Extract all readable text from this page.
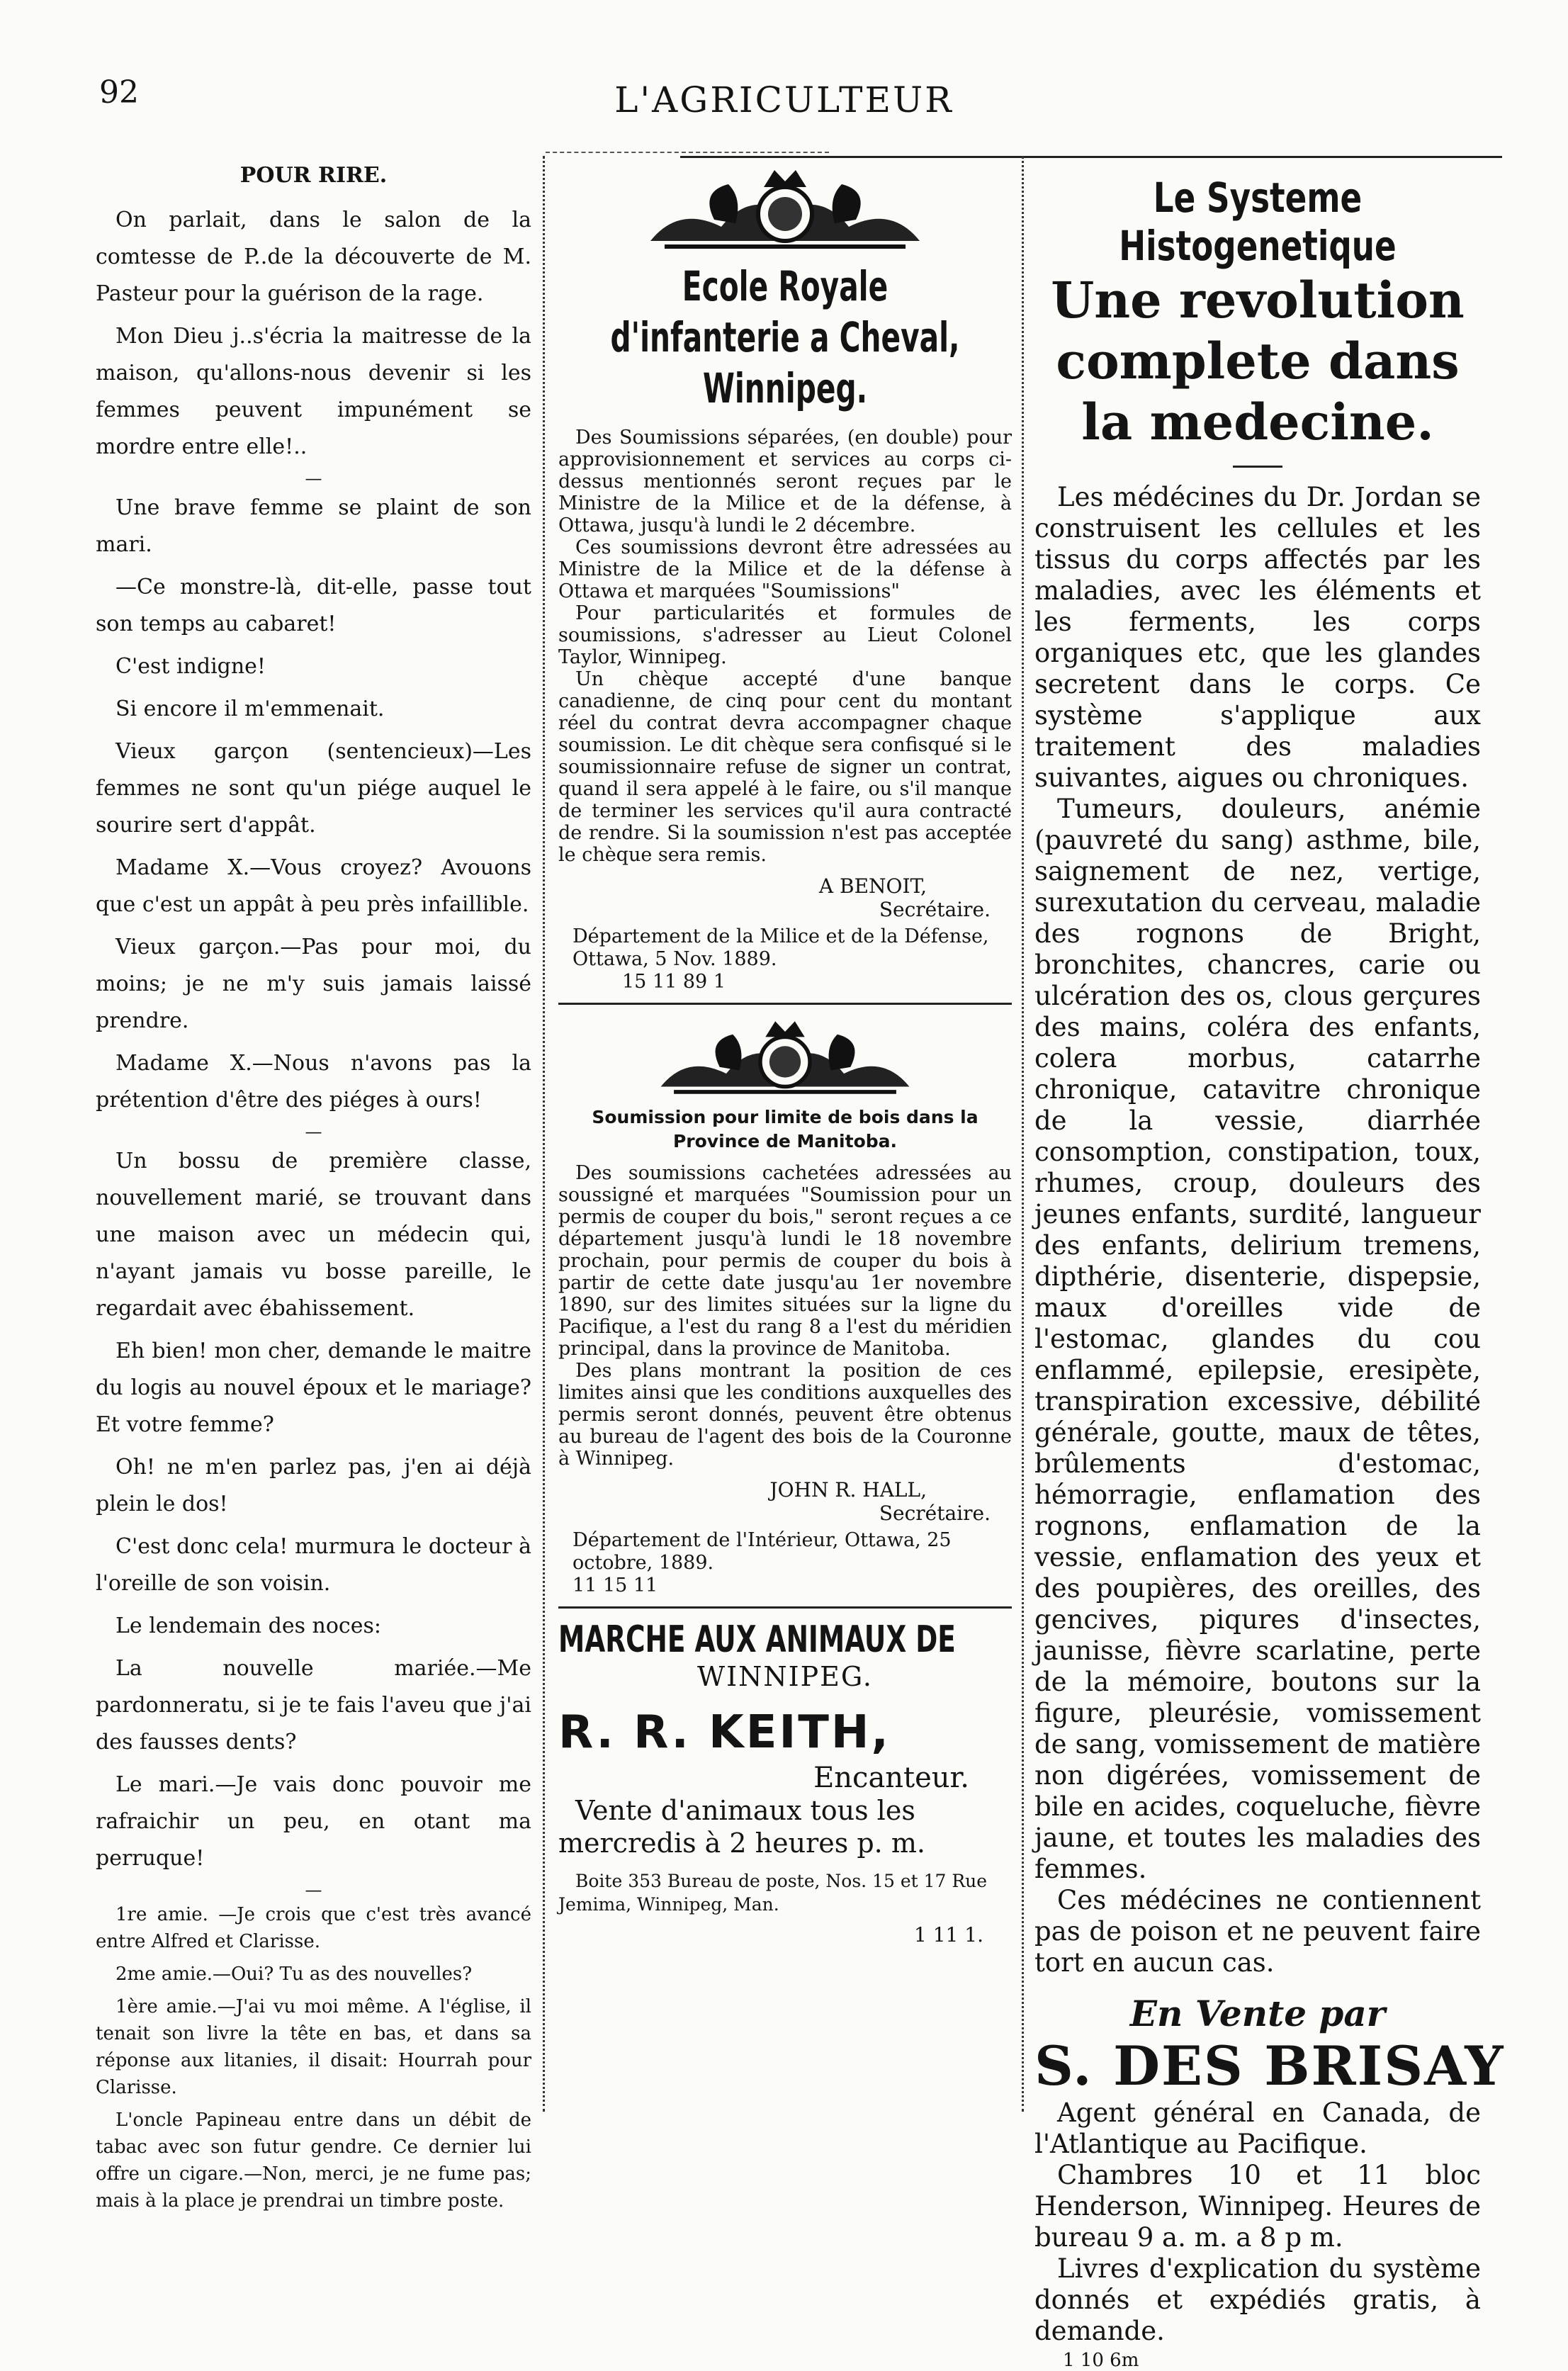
92	L'AGRICULTEUR
POUR RIRE.

On parlait, dans le salon de la comtesse de P..de la découverte de M. Pasteur pour la guérison de la rage.

Mon Dieu j..s'écria la maitresse de la maison, qu'allons-nous devenir si les femmes peuvent impunément se mordre entre elle!..

—

Une brave femme se plaint de son mari.

—Ce monstre-là, dit-elle, passe tout son temps au cabaret!

C'est indigne!

Si encore il m'emmenait.

Vieux garçon (sentencieux)—Les femmes ne sont qu'un piége auquel le sourire sert d'appât.

Madame X.—Vous croyez? Avouons que c'est un appât à peu près infaillible.

Vieux garçon.—Pas pour moi, du moins; je ne m'y suis jamais laissé prendre.

Madame X.—Nous n'avons pas la prétention d'être des piéges à ours!

—

Un bossu de première classe, nouvellement marié, se trouvant dans une maison avec un médecin qui, n'ayant jamais vu bosse pareille, le regardait avec ébahissement.

Eh bien! mon cher, demande le maitre du logis au nouvel époux et le mariage? Et votre femme?

Oh! ne m'en parlez pas, j'en ai déjà plein le dos!

C'est donc cela! murmura le docteur à l'oreille de son voisin.

Le lendemain des noces:

La nouvelle mariée.—Me pardonneratu, si je te fais l'aveu que j'ai des fausses dents?

Le mari.—Je vais donc pouvoir me rafraichir un peu, en otant ma perruque!

—

1re amie. —Je crois que c'est très avancé entre Alfred et Clarisse.

2me amie.—Oui? Tu as des nouvelles?

1ère amie.—J'ai vu moi même. A l'église, il tenait son livre la tête en bas, et dans sa réponse aux litanies, il disait: Hourrah pour Clarisse.

L'oncle Papineau entre dans un débit de tabac avec son futur gendre. Ce dernier lui offre un cigare.—Non, merci, je ne fume pas; mais à la place je prendrai un timbre poste.

Ecole Royale d'infanterie a Cheval, Winnipeg.

Des Soumissions séparées, (en double) pour approvisionnement et services au corps ci-dessus mentionnés seront reçues par le Ministre de la Milice et de la défense, à Ottawa, jusqu'à lundi le 2 décembre.

Ces soumissions devront être adressées au Ministre de la Milice et de la défense à Ottawa et marquées "Soumissions"

Pour particularités et formules de soumissions, s'adresser au Lieut Colonel Taylor, Winnipeg.

Un chèque accepté d'une banque canadienne, de cinq pour cent du montant réel du contrat devra accompagner chaque soumission. Le dit chèque sera confisqué si le soumissionnaire refuse de signer un contrat, quand il sera appelé à le faire, ou s'il manque de terminer les services qu'il aura contracté de rendre. Si la soumission n'est pas acceptée le chèque sera remis.

A BENOIT,
Secrétaire.
Département de la Milice et de la Défense, Ottawa, 5 Nov. 1889.
15 11 89 1
Soumission pour limite de bois dans la Province de Manitoba.

Des soumissions cachetées adressées au soussigné et marquées "Soumission pour un permis de couper du bois," seront reçues a ce département jusqu'à lundi le 18 novembre prochain, pour permis de couper du bois à partir de cette date jusqu'au 1er novembre 1890, sur des limites situées sur la ligne du Pacifique, a l'est du rang 8 a l'est du méridien principal, dans la province de Manitoba.

Des plans montrant la position de ces limites ainsi que les conditions auxquelles des permis seront donnés, peuvent être obtenus au bureau de l'agent des bois de la Couronne à Winnipeg.

JOHN R. HALL,
Secrétaire.
Département de l'Intérieur, Ottawa, 25 octobre, 1889.
11 15 11
MARCHE AUX ANIMAUX DE
WINNIPEG.
R. R. KEITH,
Encanteur.

Vente d'animaux tous les mercredis à 2 heures p. m.

Boite 353 Bureau de poste, Nos. 15 et 17 Rue Jemima, Winnipeg, Man.

1 11 1.
Le Systeme Histogenetique
Une revolution complete dans la medecine.

Les médécines du Dr. Jordan se construisent les cellules et les tissus du corps affectés par les maladies, avec les éléments et les ferments, les corps organiques etc, que les glandes secretent dans le corps. Ce système s'applique aux traitement des maladies suivantes, aigues ou chroniques.

Tumeurs, douleurs, anémie (pauvreté du sang) asthme, bile, saignement de nez, vertige, surexutation du cerveau, maladie des rognons de Bright, bronchites, chancres, carie ou ulcération des os, clous gerçures des mains, coléra des enfants, colera morbus, catarrhe chronique, catavitre chronique de la vessie, diarrhée consomption, constipation, toux, rhumes, croup, douleurs des jeunes enfants, surdité, langueur des enfants, delirium tremens, dipthérie, disenterie, dispepsie, maux d'oreilles vide de l'estomac, glandes du cou enflammé, epilepsie, eresipète, transpiration excessive, débilité générale, goutte, maux de têtes, brûlements d'estomac, hémorragie, enflamation des rognons, enflamation de la vessie, enflamation des yeux et des poupières, des oreilles, des gencives, piqures d'insectes, jaunisse, fièvre scarlatine, perte de la mémoire, boutons sur la figure, pleurésie, vomissement de sang, vomissement de matière non digérées, vomissement de bile en acides, coqueluche, fièvre jaune, et toutes les maladies des femmes.

Ces médécines ne contiennent pas de poison et ne peuvent faire tort en aucun cas.

En Vente par
S. DES BRISAY

Agent général en Canada, de l'Atlantique au Pacifique.

Chambres 10 et 11 bloc Henderson, Winnipeg. Heures de bureau 9 a. m. a 8 p m.

Livres d'explication du système donnés et expédiés gratis, à demande.

1 10 6m
